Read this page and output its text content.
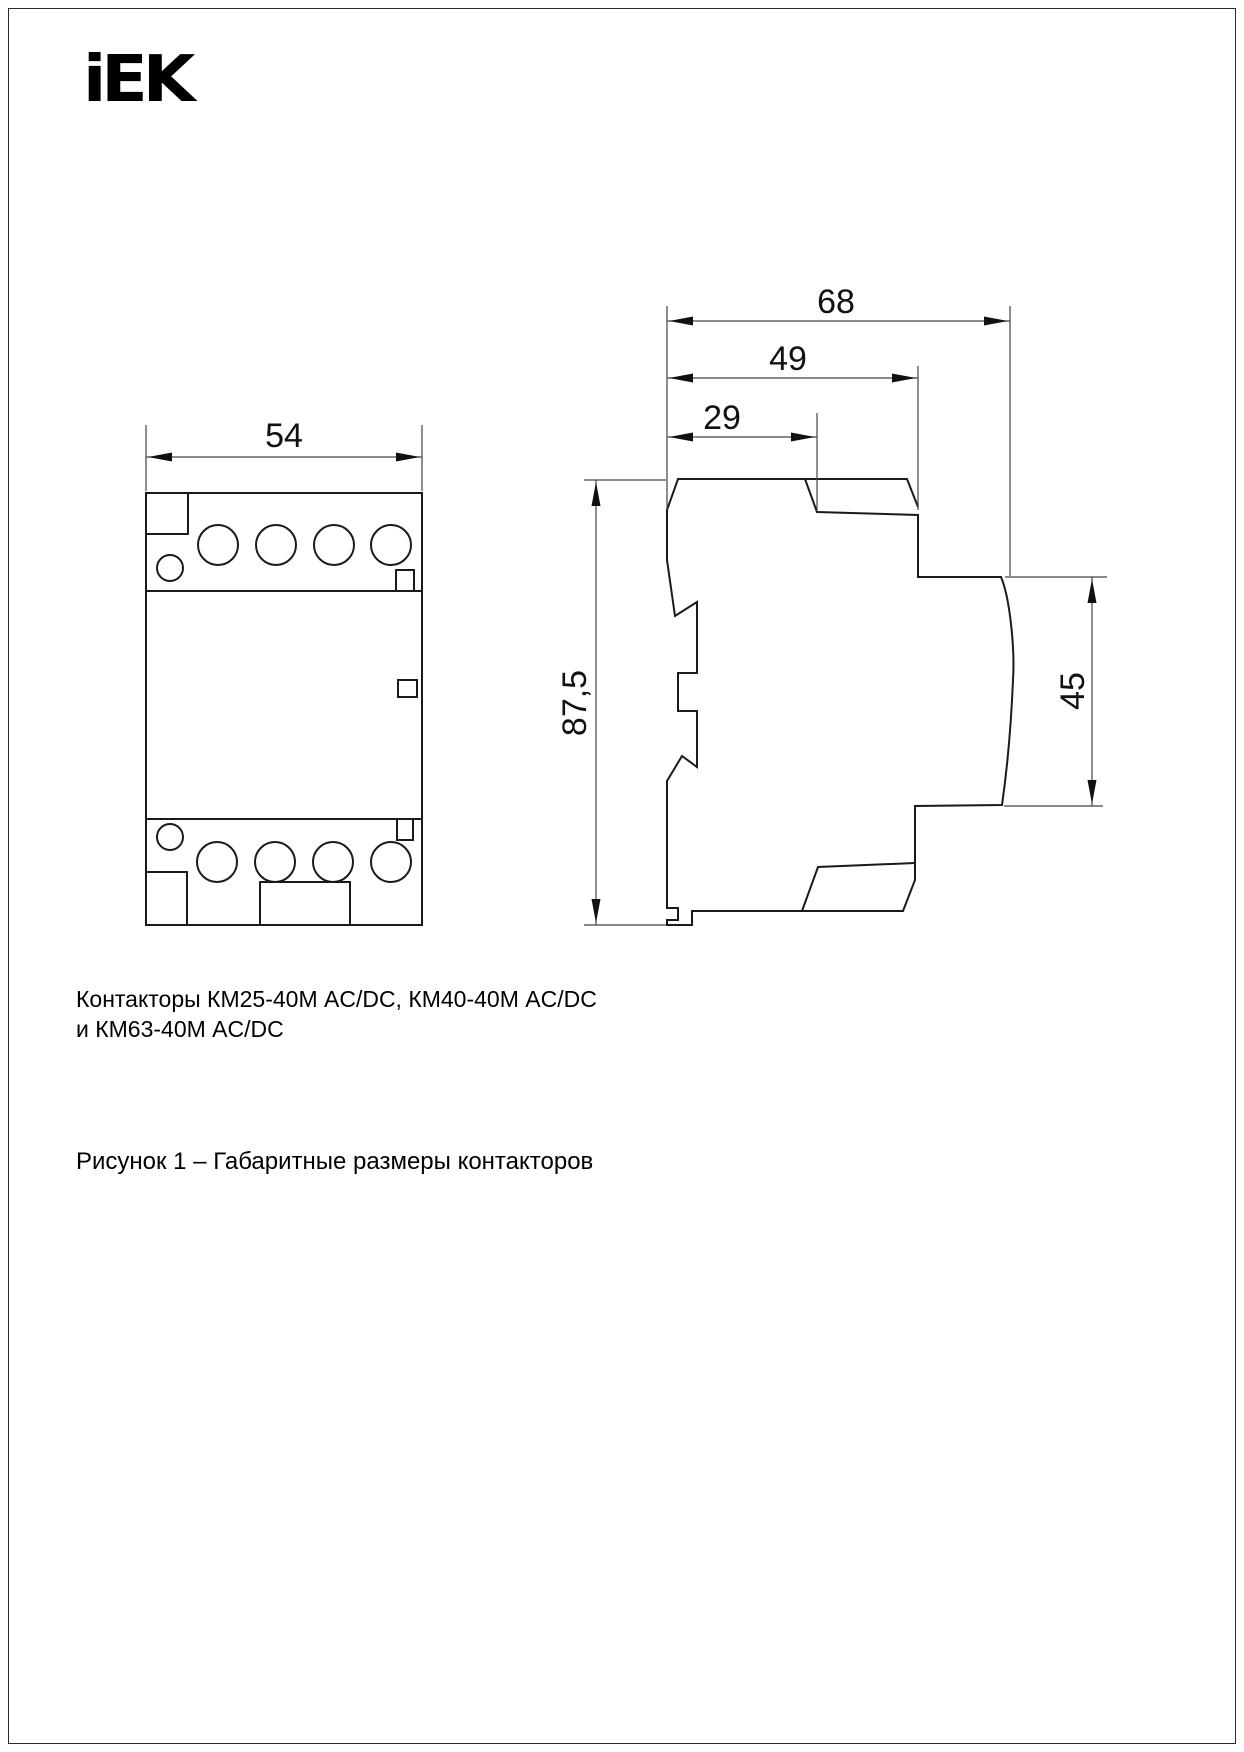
iEK
54
68
49
29
87,5	45
Контакторы КМ25-40М AC/DC, КМ40-40М AC/DC
и КМ63-40М AC/DC
Рисунок 1 – Габаритные размеры контакторов
